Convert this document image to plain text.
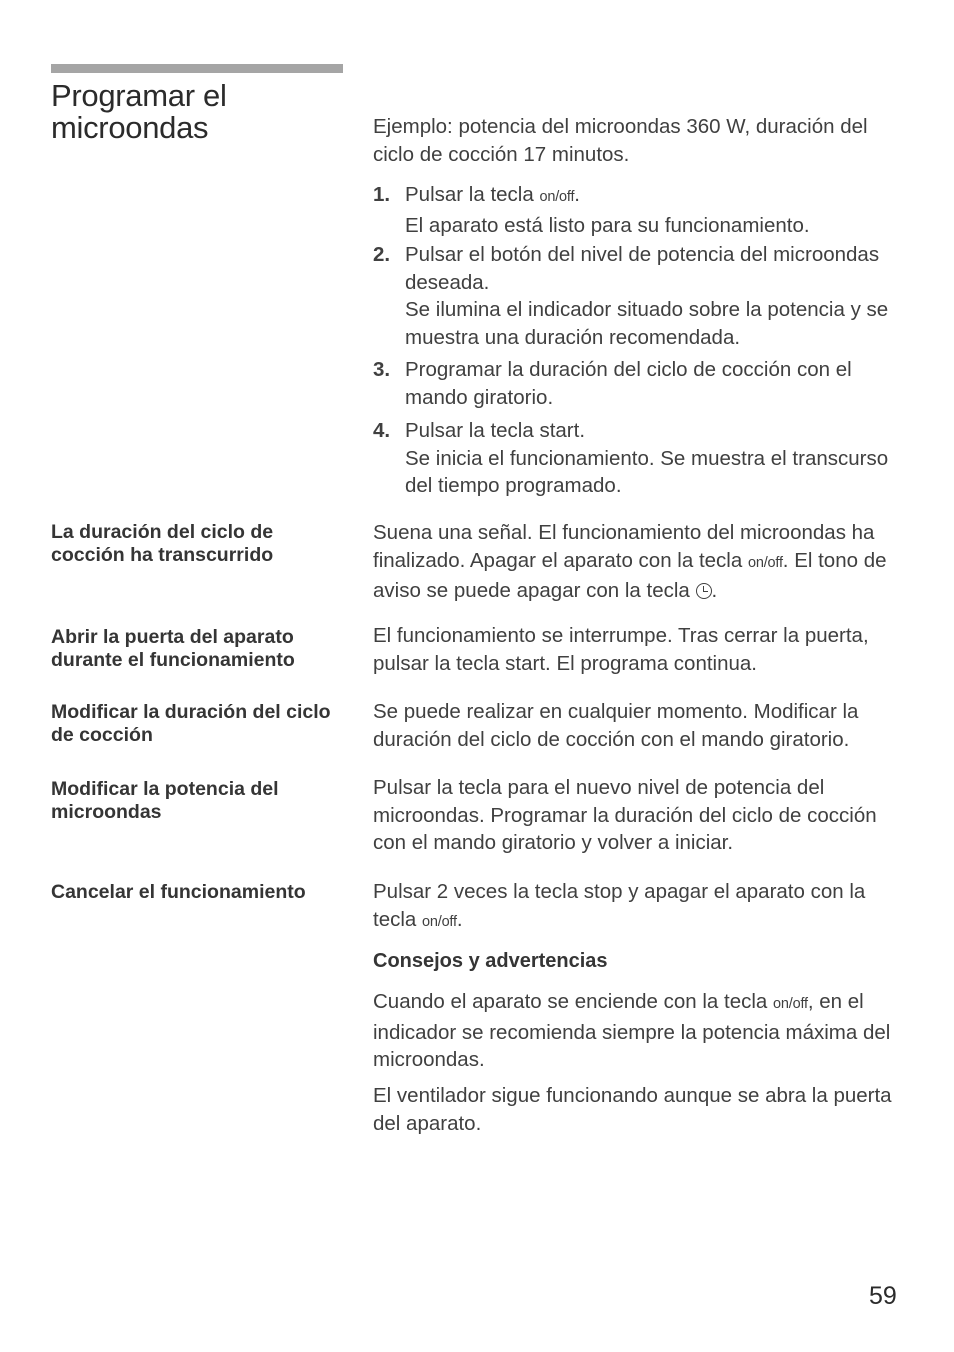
Programar el microondas	Ejemplo: potencia del microondas 360 W, duración del ciclo de cocción 17 minutos.

1. Pulsar la tecla on/off.
El aparato está listo para su funcionamiento.
2. Pulsar el botón del nivel de potencia del microondas deseada.
Se ilumina el indicador situado sobre la potencia y se muestra una duración recomendada.
3. Programar la duración del ciclo de cocción con el mando giratorio.
4. Pulsar la tecla start.
Se inicia el funcionamiento. Se muestra el transcurso del tiempo programado.
La duración del ciclo de cocción ha transcurrido

Suena una señal. El funcionamiento del microondas ha finalizado. Apagar el aparato con la tecla on/off. El tono de aviso se puede apagar con la tecla .

Abrir la puerta del aparato durante el funcionamiento

El funcionamiento se interrumpe. Tras cerrar la puerta, pulsar la tecla start. El programa continua.

Modificar la duración del ciclo de cocción

Se puede realizar en cualquier momento. Modificar la duración del ciclo de cocción con el mando giratorio.

Modificar la potencia del microondas

Pulsar la tecla para el nuevo nivel de potencia del microondas. Programar la duración del ciclo de cocción con el mando giratorio y volver a iniciar.

Cancelar el funcionamiento	Pulsar 2 veces la tecla stop y apagar el aparato con la tecla on/off.

Consejos y advertencias

Cuando el aparato se enciende con la tecla on/off, en el indicador se recomienda siempre la potencia máxima del microondas.

El ventilador sigue funcionando aunque se abra la puerta del aparato.

59
